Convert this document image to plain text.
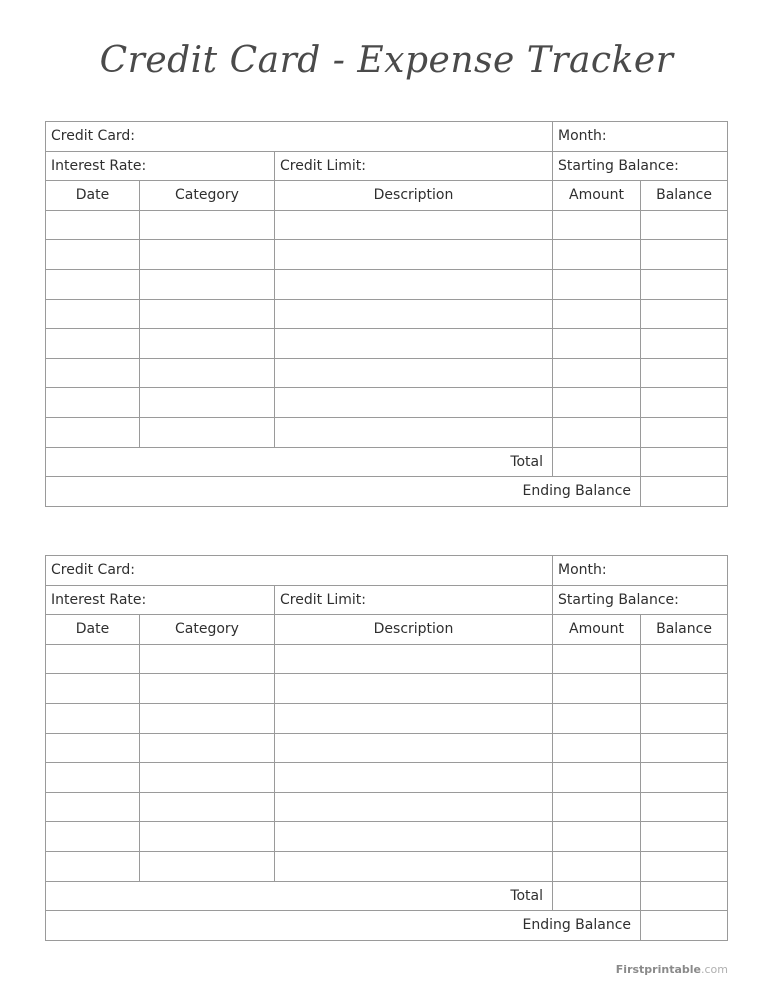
Credit Card - Expense Tracker
Credit Card:			Month:	
Interest Rate:		Credit Limit:	Starting Balance:	
Date	Category	Description	Amount	Balance

Total				
Ending Balance				
Credit Card:			Month:	
Interest Rate:		Credit Limit:	Starting Balance:	
Date	Category	Description	Amount	Balance

Total				
Ending Balance				
Firstprintable.com
